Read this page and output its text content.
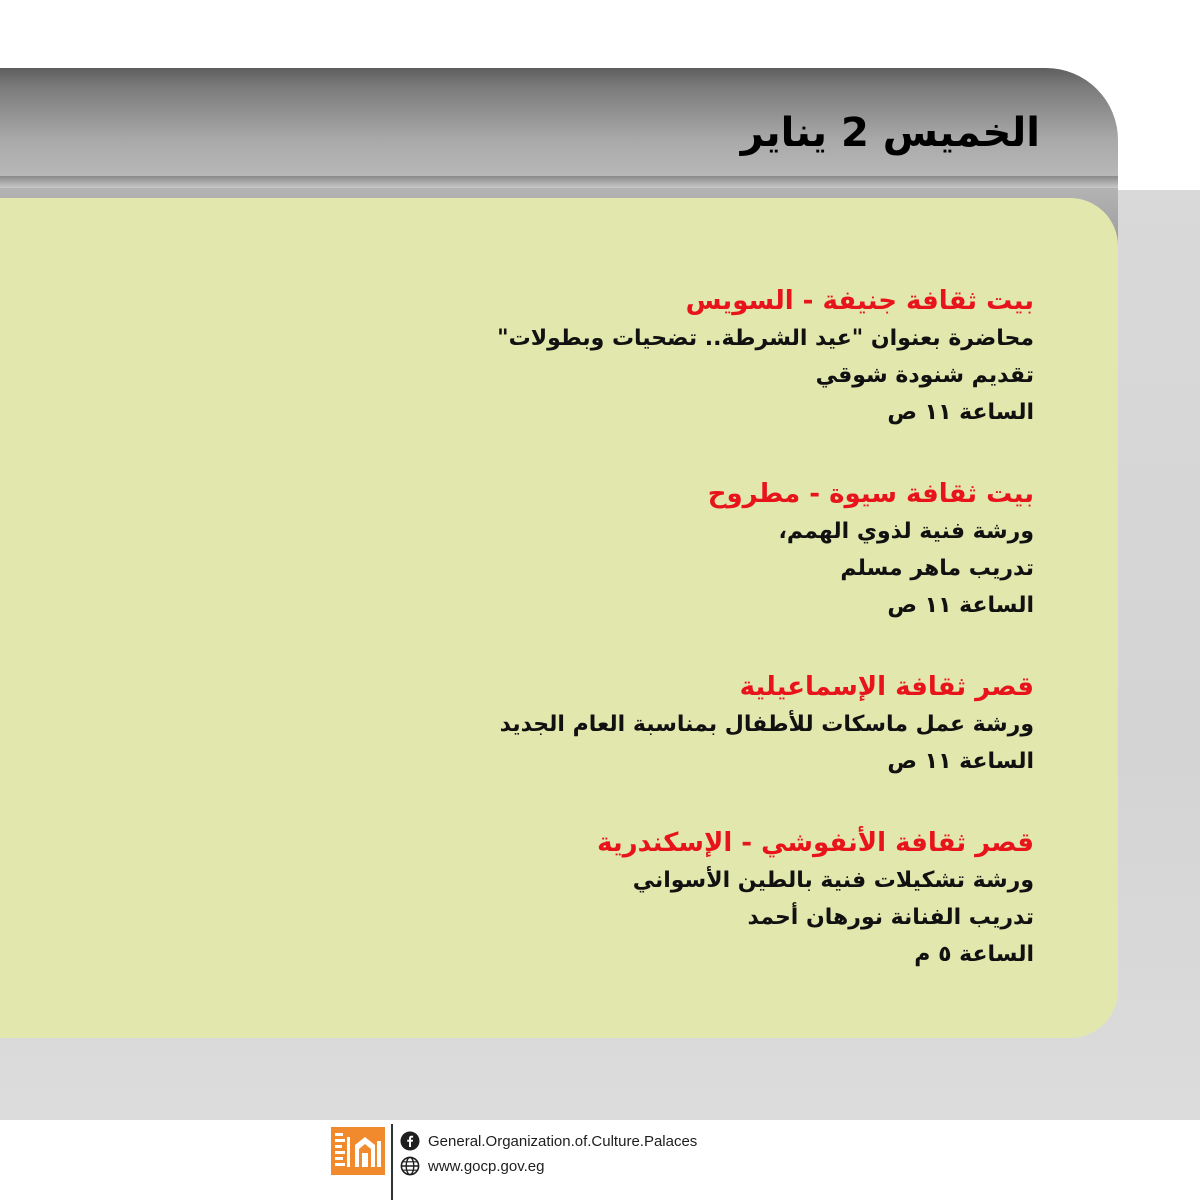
الخميس 2 يناير
بيت ثقافة جنيفة - السويس
محاضرة بعنوان "عيد الشرطة.. تضحيات وبطولات"
تقديم شنودة شوقي
الساعة ١١ ص
بيت ثقافة سيوة - مطروح
ورشة فنية لذوي الهمم،
تدريب ماهر مسلم
الساعة ١١ ص
قصر ثقافة الإسماعيلية
ورشة عمل ماسكات للأطفال بمناسبة العام الجديد
الساعة ١١ ص
قصر ثقافة الأنفوشي - الإسكندرية
ورشة تشكيلات فنية بالطين الأسواني
تدريب الفنانة نورهان أحمد
الساعة ٥ م
General.Organization.of.Culture.Palaces
www.gocp.gov.eg
